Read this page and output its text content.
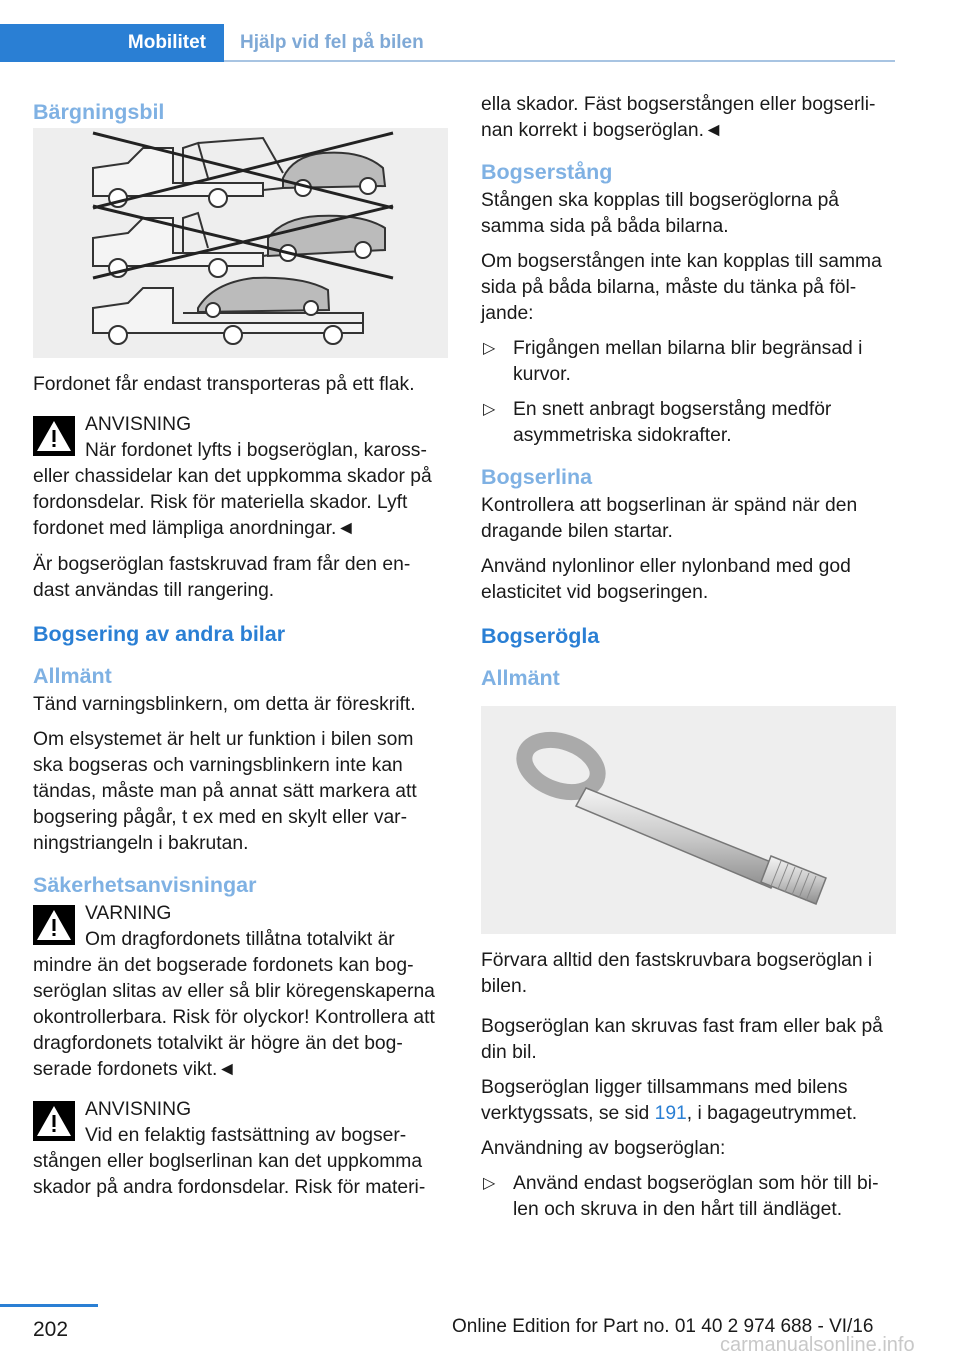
Mobilitet	Hjälp vid fel på bilen
Bärgningsbil

Fordonet får endast transporteras på ett flak.

ANVISNING
När fordonet lyfts i bogseröglan, kaross- eller chassidelar kan det uppkomma skador på fordonsdelar. Risk för materiella skador. Lyft fordonet med lämpliga anordningar.◄

Är bogseröglan fastskruvad fram får den en- dast användas till rangering.

Bogsering av andra bilar
Allmänt

Tänd varningsblinkern, om detta är föreskrift.

Om elsystemet är helt ur funktion i bilen som ska bogseras och varningsblinkern inte kan tändas, måste man på annat sätt markera att bogsering pågår, t ex med en skylt eller var- ningstriangeln i bakrutan.

Säkerhetsanvisningar
VARNING
Om dragfordonets tillåtna totalvikt är mindre än det bogserade fordonets kan bog- seröglan slitas av eller så blir köregenskaperna okontrollerbara. Risk för olyckor! Kontrollera att dragfordonets totalvikt är högre än det bog- serade fordonets vikt.◄
ANVISNING
Vid en felaktig fastsättning av bogser- stången eller boglserlinan kan det uppkomma skador på andra fordonsdelar. Risk för materi-

ella skador. Fäst bogserstången eller bogserli- nan korrekt i bogseröglan.◄

Bogserstång

Stången ska kopplas till bogseröglorna på samma sida på båda bilarna.

Om bogserstången inte kan kopplas till samma sida på båda bilarna, måste du tänka på föl- jande:

▷ Frigången mellan bilarna blir begränsad i kurvor.
▷ En snett anbragt bogserstång medför asymmetriska sidokrafter.
Bogserlina

Kontrollera att bogserlinan är spänd när den dragande bilen startar.

Använd nylonlinor eller nylonband med god elasticitet vid bogseringen.

Bogserögla
Allmänt

Förvara alltid den fastskruvbara bogseröglan i bilen.

Bogseröglan kan skruvas fast fram eller bak på din bil.

Bogseröglan ligger tillsammans med bilens verktygssats, se sid 191, i bagageutrymmet.

Användning av bogseröglan:

▷ Använd endast bogseröglan som hör till bi- len och skruva in den hårt till ändläget.
202	Online Edition for Part no. 01 40 2 974 688 - VI/16
carmanualsonline.info
